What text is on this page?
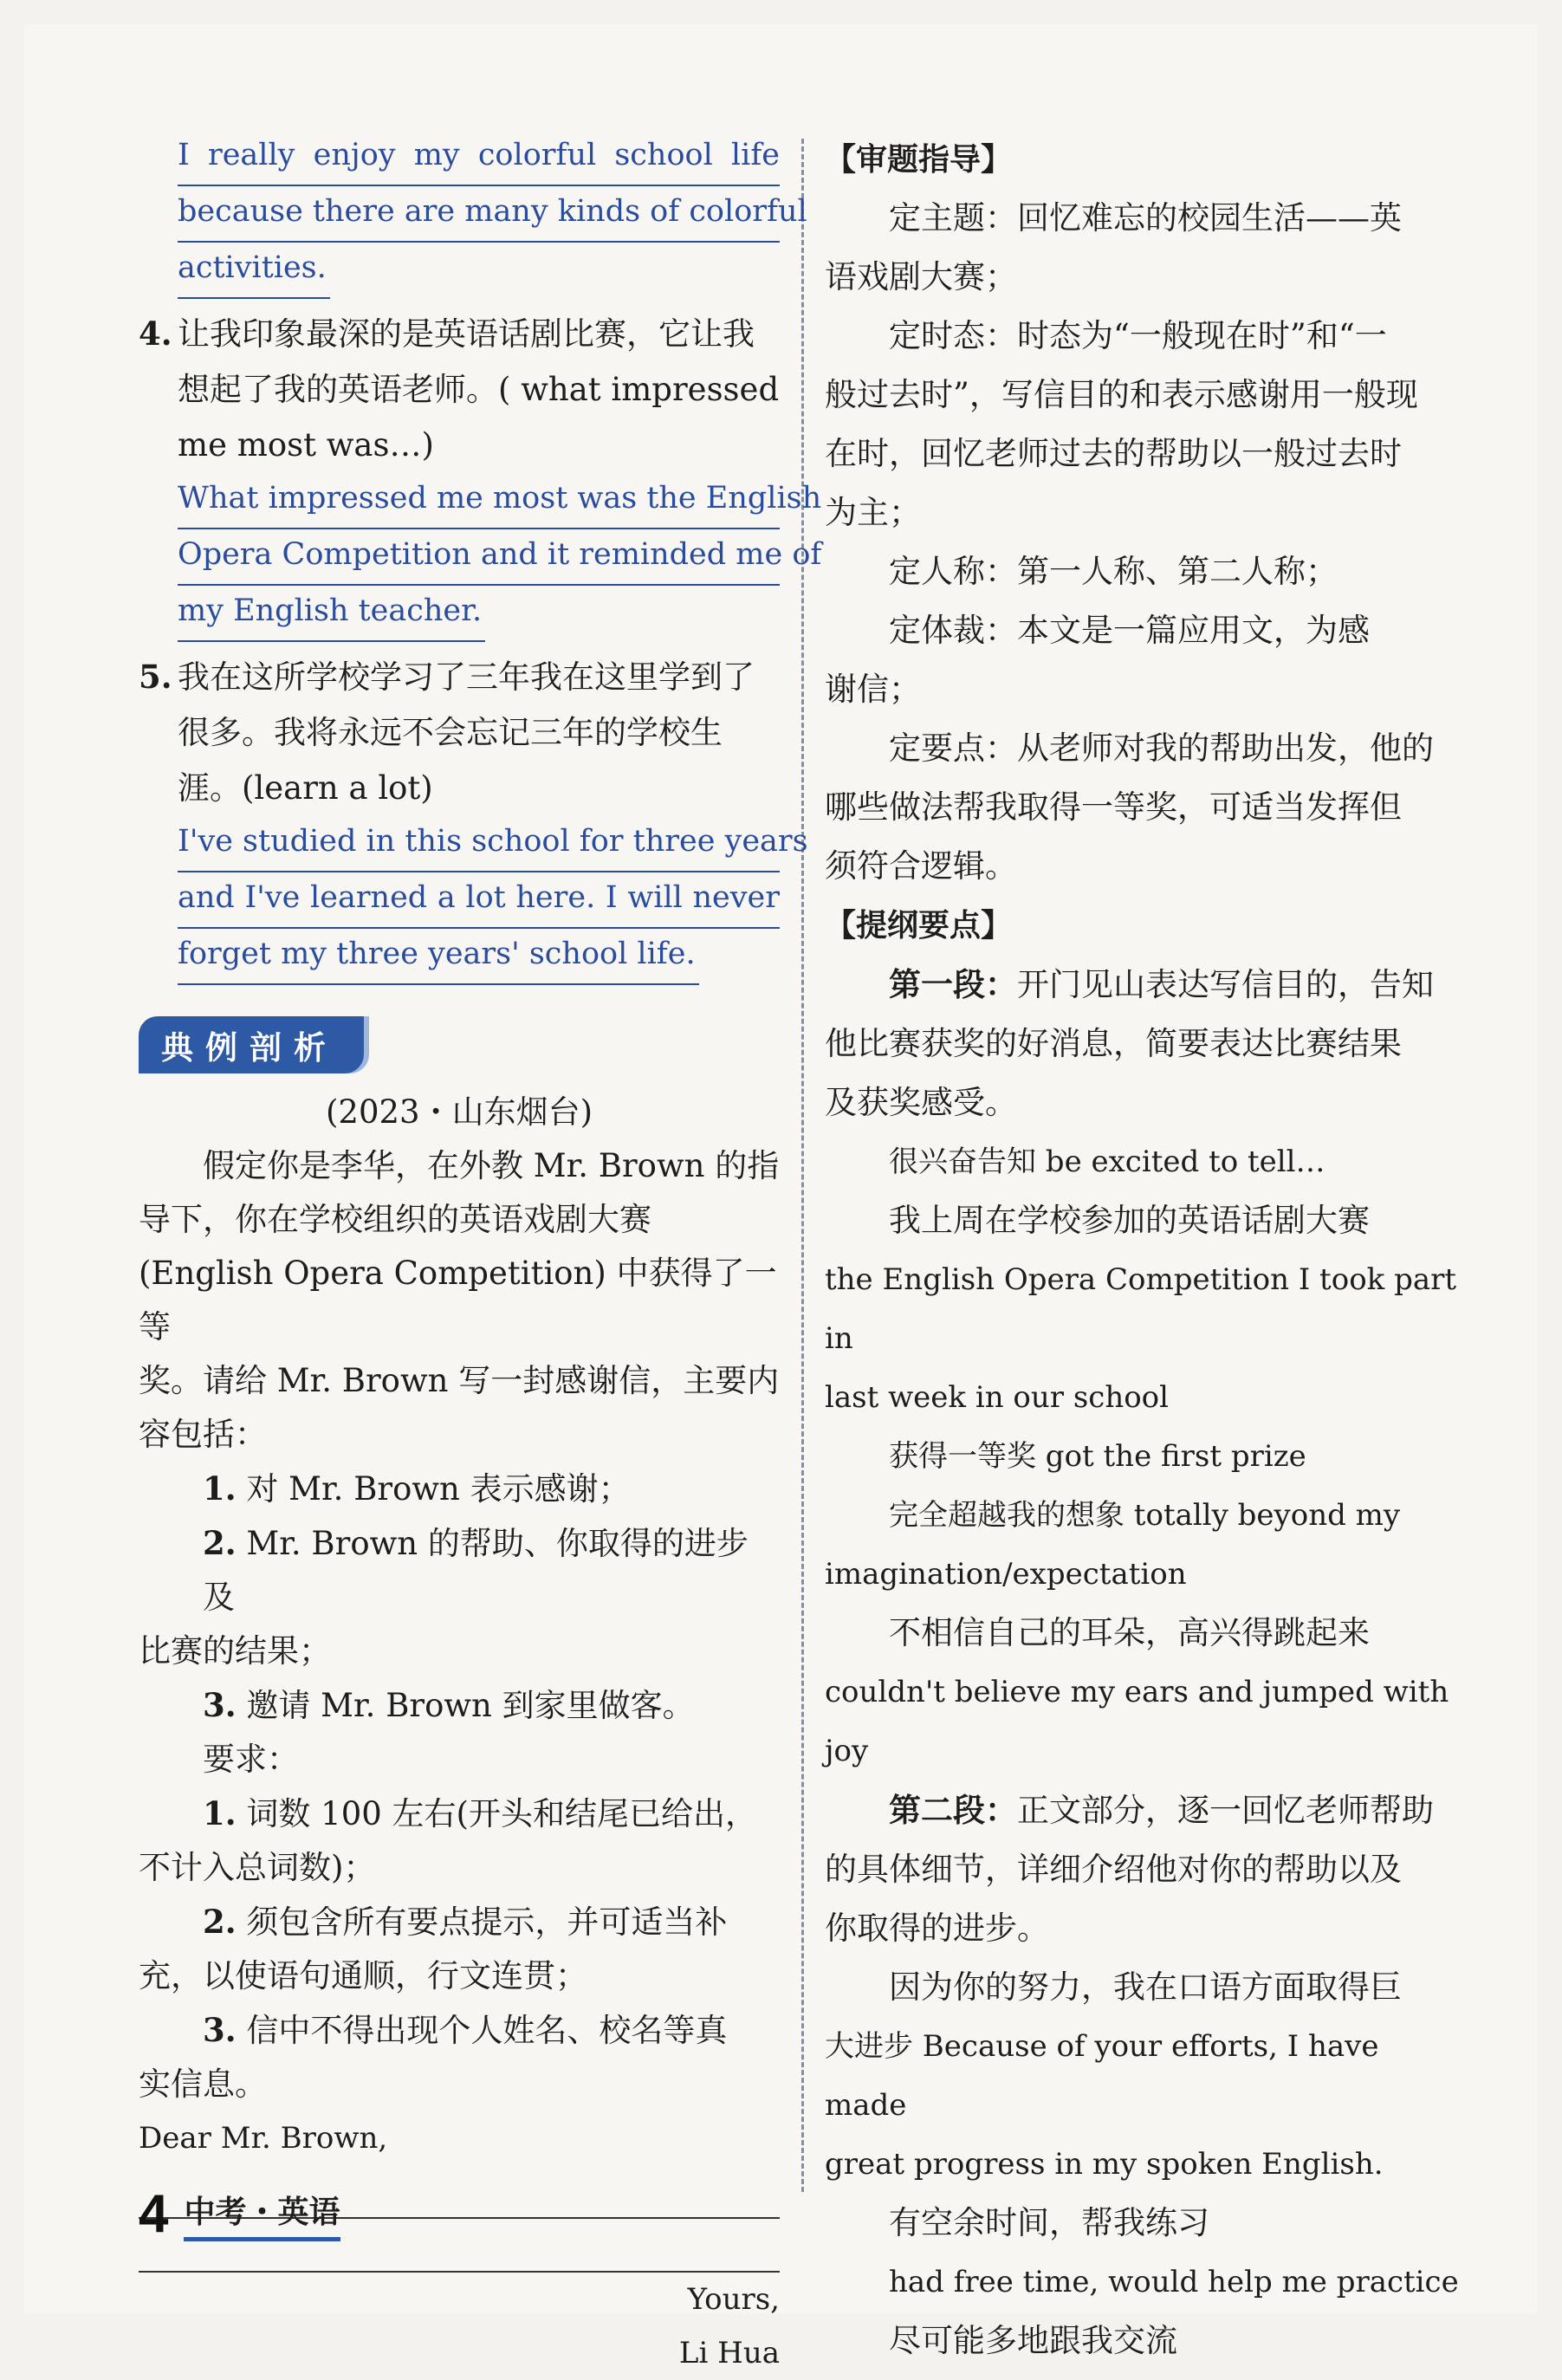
I really enjoy my colorful school life
because there are many kinds of colorful
activities.
4. 让我印象最深的是英语话剧比赛，它让我
想起了我的英语老师。( what impressed
me most was…)
What impressed me most was the English
Opera Competition and it reminded me of
my English teacher.
5. 我在这所学校学习了三年我在这里学到了
很多。我将永远不会忘记三年的学校生
涯。(learn a lot)
I've studied in this school for three years
and I've learned a lot here. I will never
forget my three years' school life.
典例剖析
(2023・山东烟台)

假定你是李华，在外教 Mr. Brown 的指

导下，你在学校组织的英语戏剧大赛

(English Opera Competition) 中获得了一等

奖。请给 Mr. Brown 写一封感谢信，主要内

容包括：

1. 对 Mr. Brown 表示感谢；

2. Mr. Brown 的帮助、你取得的进步及

比赛的结果；

3. 邀请 Mr. Brown 到家里做客。

要求：

1. 词数 100 左右(开头和结尾已给出，

不计入总词数)；

2. 须包含所有要点提示，并可适当补

充，以使语句通顺，行文连贯；

3. 信中不得出现个人姓名、校名等真

实信息。

Dear Mr. Brown,
Yours,
Li Hua
【审题指导】

定主题：回忆难忘的校园生活——英

语戏剧大赛；

定时态：时态为“一般现在时”和“一

般过去时”，写信目的和表示感谢用一般现

在时，回忆老师过去的帮助以一般过去时

为主；

定人称：第一人称、第二人称；

定体裁：本文是一篇应用文，为感

谢信；

定要点：从老师对我的帮助出发，他的

哪些做法帮我取得一等奖，可适当发挥但

须符合逻辑。

【提纲要点】

第一段：开门见山表达写信目的，告知

他比赛获奖的好消息，简要表达比赛结果

及获奖感受。

很兴奋告知 be excited to tell…

我上周在学校参加的英语话剧大赛

the English Opera Competition I took part in

last week in our school

获得一等奖 got the first prize

完全超越我的想象 totally beyond my

imagination/expectation

不相信自己的耳朵，高兴得跳起来

couldn't believe my ears and jumped with joy

第二段：正文部分，逐一回忆老师帮助

的具体细节，详细介绍他对你的帮助以及

你取得的进步。

因为你的努力，我在口语方面取得巨

大进步 Because of your efforts, I have made

great progress in my spoken English.

有空余时间，帮我练习

had free time, would help me practice

尽可能多地跟我交流

4 中考・英语
